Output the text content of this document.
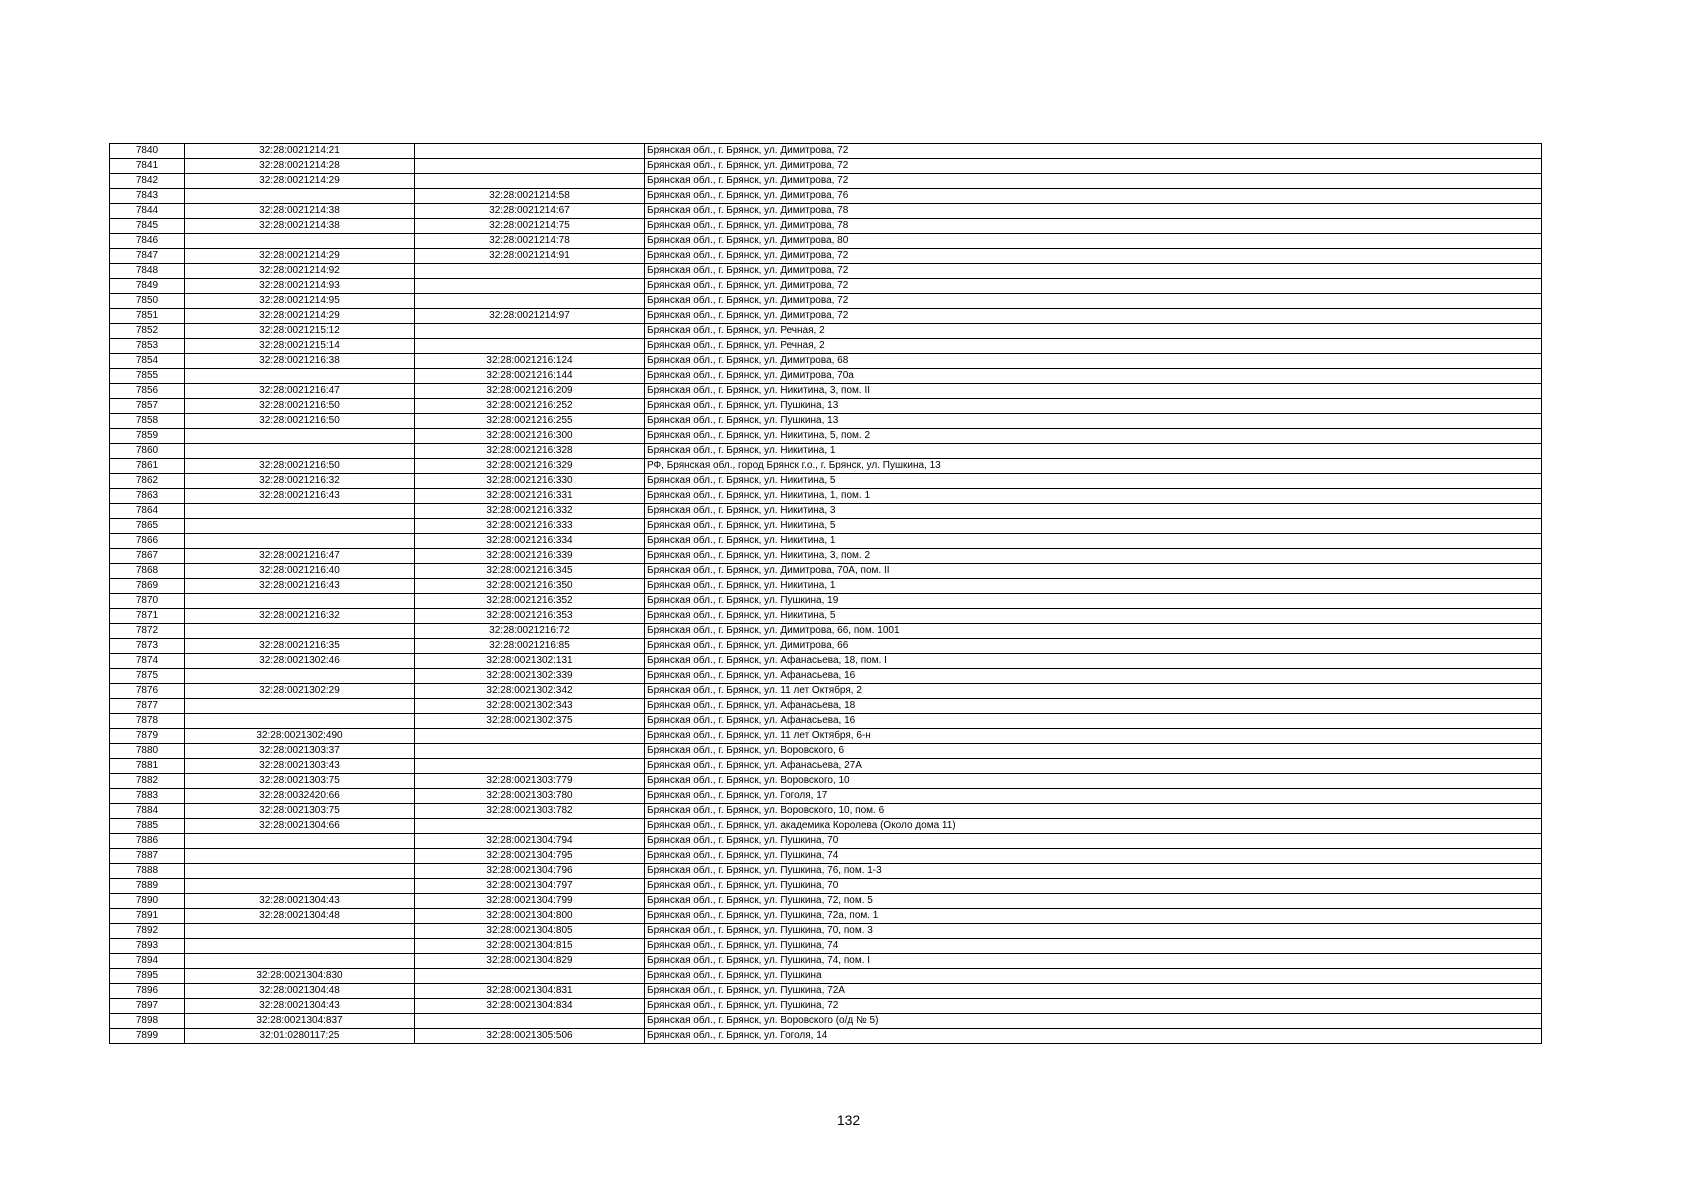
7840	32:28:0021214:21		Брянская обл., г. Брянск, ул. Димитрова, 72
7841	32:28:0021214:28		Брянская обл., г. Брянск, ул. Димитрова, 72
7842	32:28:0021214:29		Брянская обл., г. Брянск, ул. Димитрова, 72
7843		32:28:0021214:58	Брянская обл., г. Брянск, ул. Димитрова, 76
7844	32:28:0021214:38	32:28:0021214:67	Брянская обл., г. Брянск, ул. Димитрова, 78
7845	32:28:0021214:38	32:28:0021214:75	Брянская обл., г. Брянск, ул. Димитрова, 78
7846		32:28:0021214:78	Брянская обл., г. Брянск, ул. Димитрова, 80
7847	32:28:0021214:29	32:28:0021214:91	Брянская обл., г. Брянск, ул. Димитрова, 72
7848	32:28:0021214:92		Брянская обл., г. Брянск, ул. Димитрова, 72
7849	32:28:0021214:93		Брянская обл., г. Брянск, ул. Димитрова, 72
7850	32:28:0021214:95		Брянская обл., г. Брянск, ул. Димитрова, 72
7851	32:28:0021214:29	32:28:0021214:97	Брянская обл., г. Брянск, ул. Димитрова, 72
7852	32:28:0021215:12		Брянская обл., г. Брянск, ул. Речная, 2
7853	32:28:0021215:14		Брянская обл., г. Брянск, ул. Речная, 2
7854	32:28:0021216:38	32:28:0021216:124	Брянская обл., г. Брянск, ул. Димитрова, 68
7855		32:28:0021216:144	Брянская обл., г. Брянск, ул. Димитрова, 70а
7856	32:28:0021216:47	32:28:0021216:209	Брянская обл., г. Брянск, ул. Никитина, 3, пом. II
7857	32:28:0021216:50	32:28:0021216:252	Брянская обл., г. Брянск, ул. Пушкина, 13
7858	32:28:0021216:50	32:28:0021216:255	Брянская обл., г. Брянск, ул. Пушкина, 13
7859		32:28:0021216:300	Брянская обл., г. Брянск, ул. Никитина, 5, пом. 2
7860		32:28:0021216:328	Брянская обл., г. Брянск, ул. Никитина, 1
7861	32:28:0021216:50	32:28:0021216:329	РФ, Брянская обл., город Брянск г.о., г. Брянск, ул. Пушкина, 13
7862	32:28:0021216:32	32:28:0021216:330	Брянская обл., г. Брянск, ул. Никитина, 5
7863	32:28:0021216:43	32:28:0021216:331	Брянская обл., г. Брянск, ул. Никитина, 1, пом. 1
7864		32:28:0021216:332	Брянская обл., г. Брянск, ул. Никитина, 3
7865		32:28:0021216:333	Брянская обл., г. Брянск, ул. Никитина, 5
7866		32:28:0021216:334	Брянская обл., г. Брянск, ул. Никитина, 1
7867	32:28:0021216:47	32:28:0021216:339	Брянская обл., г. Брянск, ул. Никитина, 3, пом. 2
7868	32:28:0021216:40	32:28:0021216:345	Брянская обл., г. Брянск, ул. Димитрова, 70А, пом. II
7869	32:28:0021216:43	32:28:0021216:350	Брянская обл., г. Брянск, ул. Никитина, 1
7870		32:28:0021216:352	Брянская обл., г. Брянск, ул. Пушкина, 19
7871	32:28:0021216:32	32:28:0021216:353	Брянская обл., г. Брянск, ул. Никитина, 5
7872		32:28:0021216:72	Брянская обл., г. Брянск, ул. Димитрова, 66, пом. 1001
7873	32:28:0021216:35	32:28:0021216:85	Брянская обл., г. Брянск, ул. Димитрова, 66
7874	32:28:0021302:46	32:28:0021302:131	Брянская обл., г. Брянск, ул. Афанасьева, 18, пом. I
7875		32:28:0021302:339	Брянская обл., г. Брянск, ул. Афанасьева, 16
7876	32:28:0021302:29	32:28:0021302:342	Брянская обл., г. Брянск, ул. 11 лет Октября, 2
7877		32:28:0021302:343	Брянская обл., г. Брянск, ул. Афанасьева, 18
7878		32:28:0021302:375	Брянская обл., г. Брянск, ул. Афанасьева, 16
7879	32:28:0021302:490		Брянская обл., г. Брянск, ул. 11 лет Октября, 6-н
7880	32:28:0021303:37		Брянская обл., г. Брянск, ул. Воровского, 6
7881	32:28:0021303:43		Брянская обл., г. Брянск, ул. Афанасьева, 27А
7882	32:28:0021303:75	32:28:0021303:779	Брянская обл., г. Брянск, ул. Воровского, 10
7883	32:28:0032420:66	32:28:0021303:780	Брянская обл., г. Брянск, ул. Гоголя, 17
7884	32:28:0021303:75	32:28:0021303:782	Брянская обл., г. Брянск, ул. Воровского, 10, пом. 6
7885	32:28:0021304:66		Брянская обл., г. Брянск, ул. академика Королева (Около дома 11)
7886		32:28:0021304:794	Брянская обл., г. Брянск, ул. Пушкина, 70
7887		32:28:0021304:795	Брянская обл., г. Брянск, ул. Пушкина, 74
7888		32:28:0021304:796	Брянская обл., г. Брянск, ул. Пушкина, 76, пом. 1-3
7889		32:28:0021304:797	Брянская обл., г. Брянск, ул. Пушкина, 70
7890	32:28:0021304:43	32:28:0021304:799	Брянская обл., г. Брянск, ул. Пушкина, 72, пом. 5
7891	32:28:0021304:48	32:28:0021304:800	Брянская обл., г. Брянск, ул. Пушкина, 72а, пом. 1
7892		32:28:0021304:805	Брянская обл., г. Брянск, ул. Пушкина, 70, пом. 3
7893		32:28:0021304:815	Брянская обл., г. Брянск, ул. Пушкина, 74
7894		32:28:0021304:829	Брянская обл., г. Брянск, ул. Пушкина, 74, пом. I
7895	32:28:0021304:830		Брянская обл., г. Брянск, ул. Пушкина
7896	32:28:0021304:48	32:28:0021304:831	Брянская обл., г. Брянск, ул. Пушкина, 72А
7897	32:28:0021304:43	32:28:0021304:834	Брянская обл., г. Брянск, ул. Пушкина, 72
7898	32:28:0021304:837		Брянская обл., г. Брянск, ул. Воровского (о/д № 5)
7899	32:01:0280117:25	32:28:0021305:506	Брянская обл., г. Брянск, ул. Гоголя, 14
132
